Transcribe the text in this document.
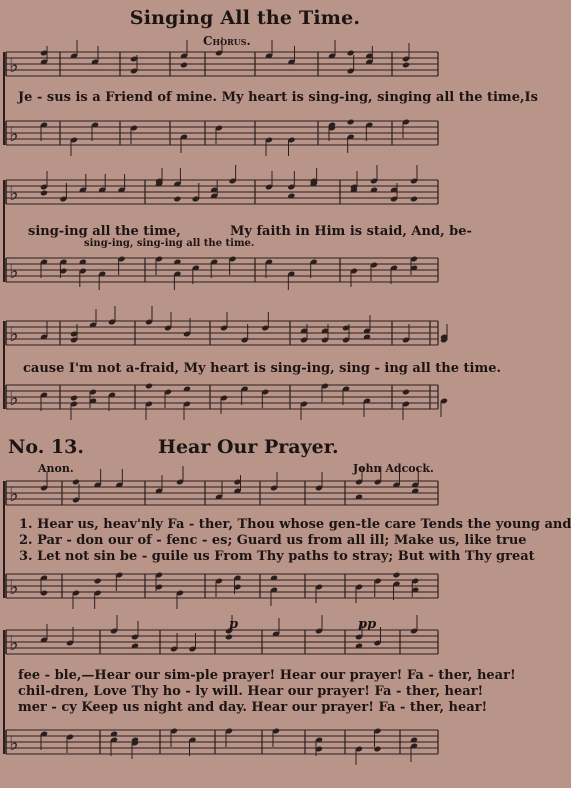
♭
♭
♭
♭
♭
♭
♭
♭
♭
♭
Singing All the Time.
Chorus.
Je - sus is a Friend of mine. My heart is sing-ing, singing all the time,Is
sing-ing all the time,	My faith in Him is staid, And, be-
sing-ing, sing-ing all the time.
cause I'm not a-fraid, My heart is sing-ing, sing - ing all the time.
No. 13.	Hear Our Prayer.
Anon.	John Adcock.
1. Hear us, heav'nly Fa - ther, Thou whose gen-tle care Tends the young and
2. Par - don our of - fenc - es; Guard us from all ill; Make us, like true
3. Let not sin be - guile us From Thy paths to stray; But with Thy great
p	pp
fee - ble,—Hear our sim-ple prayer! Hear our prayer! Fa - ther, hear!
chil-dren, Love Thy ho - ly will. Hear our prayer! Fa - ther, hear!
mer - cy Keep us night and day. Hear our prayer! Fa - ther, hear!
